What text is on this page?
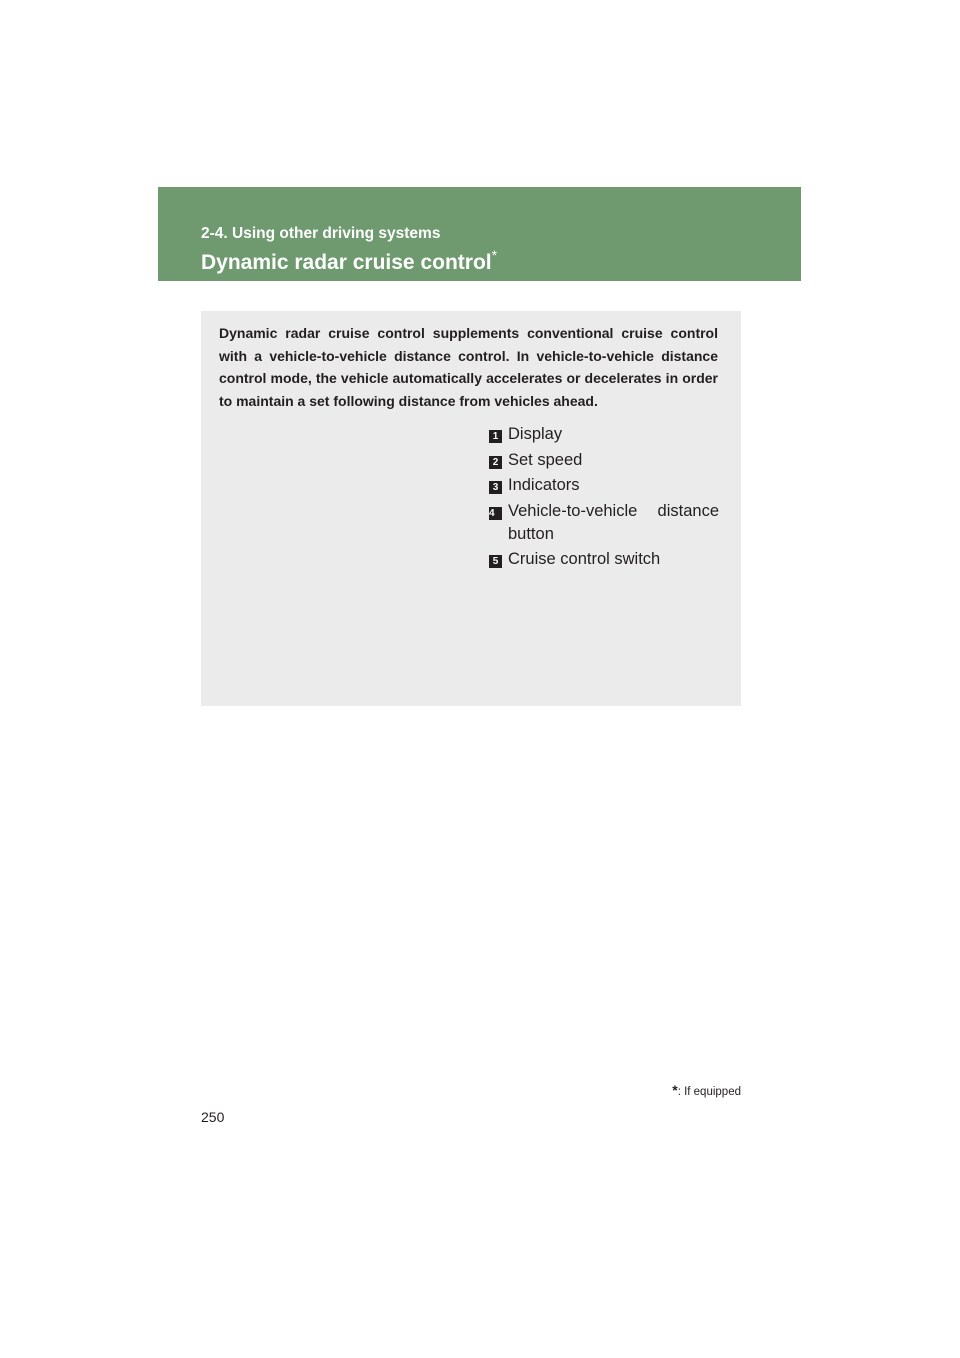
2-4. Using other driving systems
Dynamic radar cruise control*
Dynamic radar cruise control supplements conventional cruise control with a vehicle-to-vehicle distance control. In vehicle-to-vehicle distance control mode, the vehicle automatically accelerates or decelerates in order to maintain a set following distance from vehicles ahead.
1 Display
2 Set speed
3 Indicators
4 Vehicle-to-vehicle distance button
5 Cruise control switch
*: If equipped
250
